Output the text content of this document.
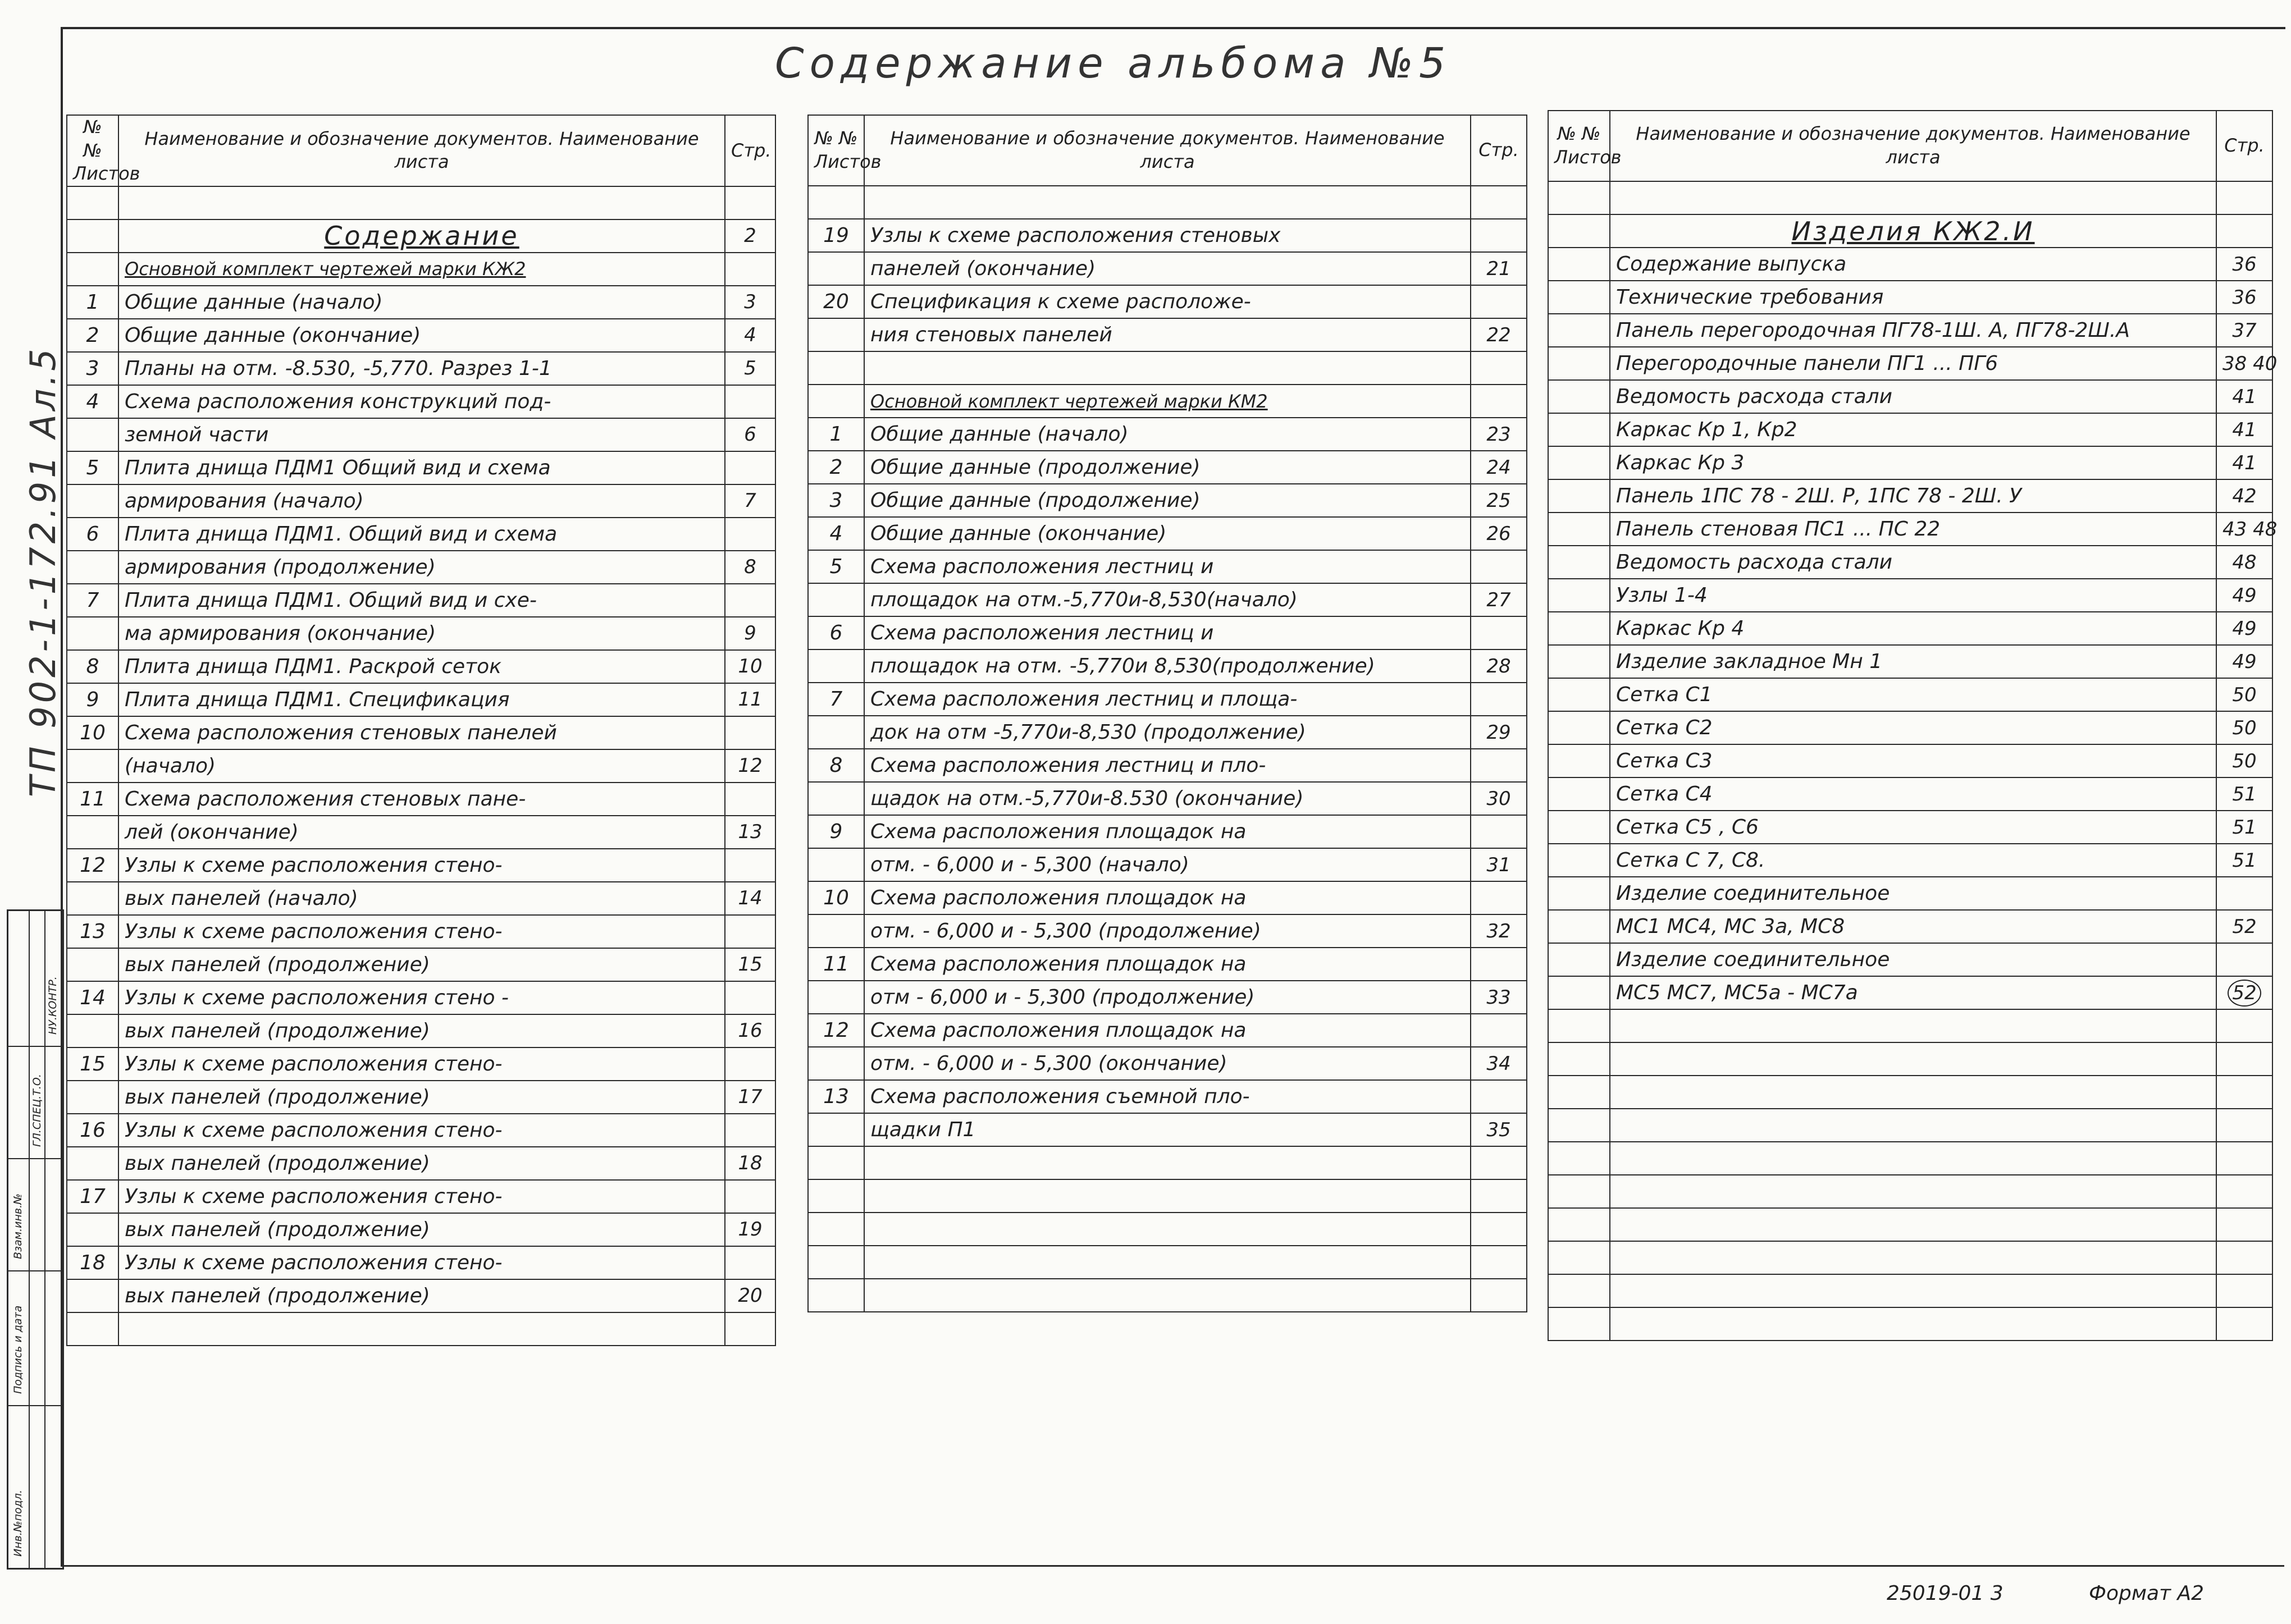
Содержание альбома №5
ТП 902-1-172.91 Ал.5
Инв.№подл.
Подпись и дата
Взам.инв.№
ГЛ.СПЕЦ.Т.О.
НУ.КОНТР.
№ № Листов	Наименование и обозначение документов. Наименование листа	Стр.

	Содержание	2
	Основной комплект чертежей марки КЖ2	
1	Общие данные (начало)	3
2	Общие данные (окончание)	4
3	Планы на отм. -8.530, -5,770. Разрез 1-1	5
4	Схема расположения конструкций под-	
	земной части	6
5	Плита днища ПДМ1 Общий вид и схема	
	армирования (начало)	7
6	Плита днища ПДМ1. Общий вид и схема	
	армирования (продолжение)	8
7	Плита днища ПДМ1. Общий вид и схе-	
	ма армирования (окончание)	9
8	Плита днища ПДМ1. Раскрой сеток	10
9	Плита днища ПДМ1. Спецификация	11
10	Схема расположения стеновых панелей	
	(начало)	12
11	Схема расположения стеновых пане-	
	лей (окончание)	13
12	Узлы к схеме расположения стено-	
	вых панелей (начало)	14
13	Узлы к схеме расположения стено-	
	вых панелей (продолжение)	15
14	Узлы к схеме расположения стено -	
	вых панелей (продолжение)	16
15	Узлы к схеме расположения стено-	
	вых панелей (продолжение)	17
16	Узлы к схеме расположения стено-	
	вых панелей (продолжение)	18
17	Узлы к схеме расположения стено-	
	вых панелей (продолжение)	19
18	Узлы к схеме расположения стено-	
	вых панелей (продолжение)	20

№ № Листов	Наименование и обозначение документов. Наименование листа	Стр.

19	Узлы к схеме расположения стеновых	
	панелей (окончание)	21
20	Спецификация к схеме расположе-	
	ния стеновых панелей	22

	Основной комплект чертежей марки КМ2	
1	Общие данные (начало)	23
2	Общие данные (продолжение)	24
3	Общие данные (продолжение)	25
4	Общие данные (окончание)	26
5	Схема расположения лестниц и	
	площадок на отм.-5,770и-8,530(начало)	27
6	Схема расположения лестниц и	
	площадок на отм. -5,770и 8,530(продолжение)	28
7	Схема расположения лестниц и площа-	
	док на отм -5,770и-8,530 (продолжение)	29
8	Схема расположения лестниц и пло-	
	щадок на отм.-5,770и-8.530 (окончание)	30
9	Схема расположения площадок на	
	отм. - 6,000 и - 5,300 (начало)	31
10	Схема расположения площадок на	
	отм. - 6,000 и - 5,300 (продолжение)	32
11	Схема расположения площадок на	
	отм - 6,000 и - 5,300 (продолжение)	33
12	Схема расположения площадок на	
	отм. - 6,000 и - 5,300 (окончание)	34
13	Схема расположения съемной пло-	
	щадки П1	35

№ № Листов	Наименование и обозначение документов. Наименование листа	Стр.

	Изделия КЖ2.И	
	Содержание выпуска	36
	Технические требования	36
	Панель перегородочная ПГ78-1Ш. А, ПГ78-2Ш.А	37
	Перегородочные панели ПГ1 ... ПГ6	38 40
	Ведомость расхода стали	41
	Каркас Кр 1, Кр2	41
	Каркас Кр 3	41
	Панель 1ПС 78 - 2Ш. Р, 1ПС 78 - 2Ш. У	42
	Панель стеновая ПС1 ... ПС 22	43 48
	Ведомость расхода стали	48
	Узлы 1-4	49
	Каркас Кр 4	49
	Изделие закладное Мн 1	49
	Сетка С1	50
	Сетка С2	50
	Сетка С3	50
	Сетка С4	51
	Сетка С5 , С6	51
	Сетка С 7, С8.	51
	Изделие соединительное	
	МС1 МС4, МС 3а, МС8	52
	Изделие соединительное	
	МС5 МС7, МС5а - МС7а	52

25019-01 3	Формат А2
